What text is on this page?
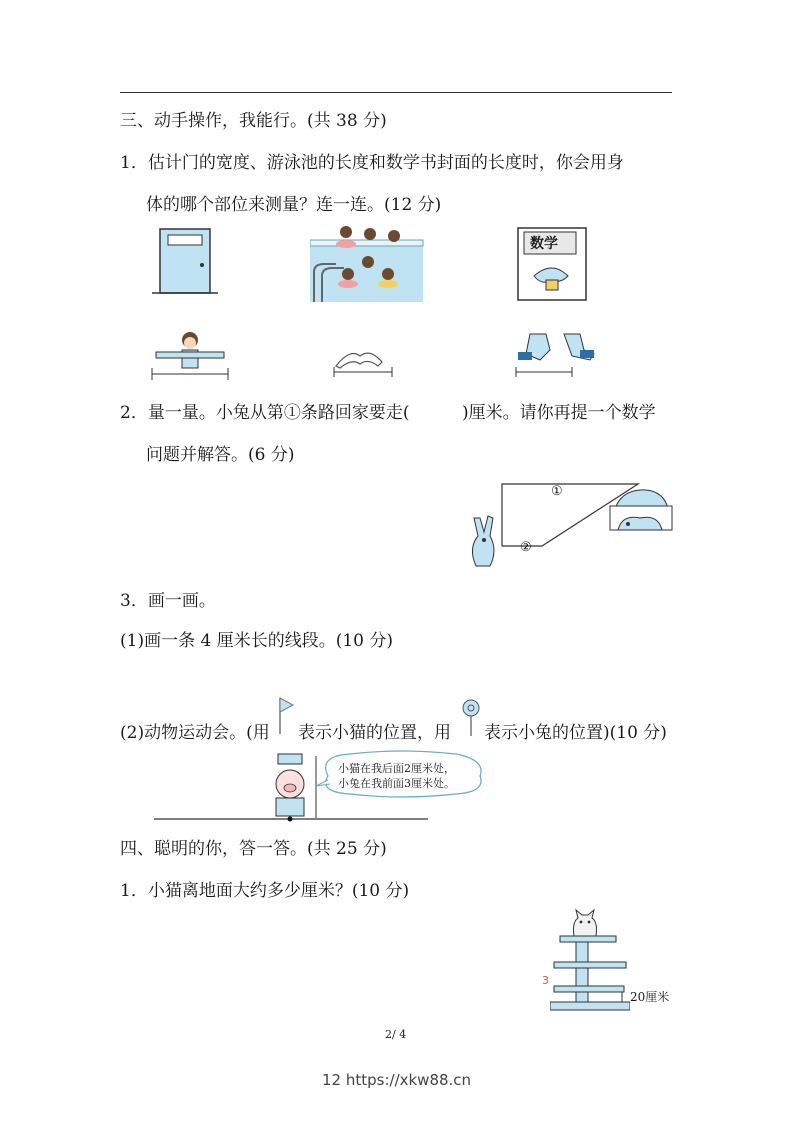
三、动手操作，我能行。(共 38 分)
1．估计门的宽度、游泳池的长度和数学书封面的长度时，你会用身
体的哪个部位来测量？连一连。(12 分)
数学
2．量一量。小兔从第①条路回家要走(	)厘米。请你再提一个数学
问题并解答。(6 分)
①
②
3．画一画。
(1)画一条 4 厘米长的线段。(10 分)
(2)动物运动会。(用 表示小猫的位置，用 表示小兔的位置)(10 分)
小猫在我后面2厘米处，
小兔在我前面3厘米处。
四、聪明的你，答一答。(共 25 分)
1．小猫离地面大约多少厘米？(10 分)
3
20厘米
2/ 4
12 https://xkw88.cn
